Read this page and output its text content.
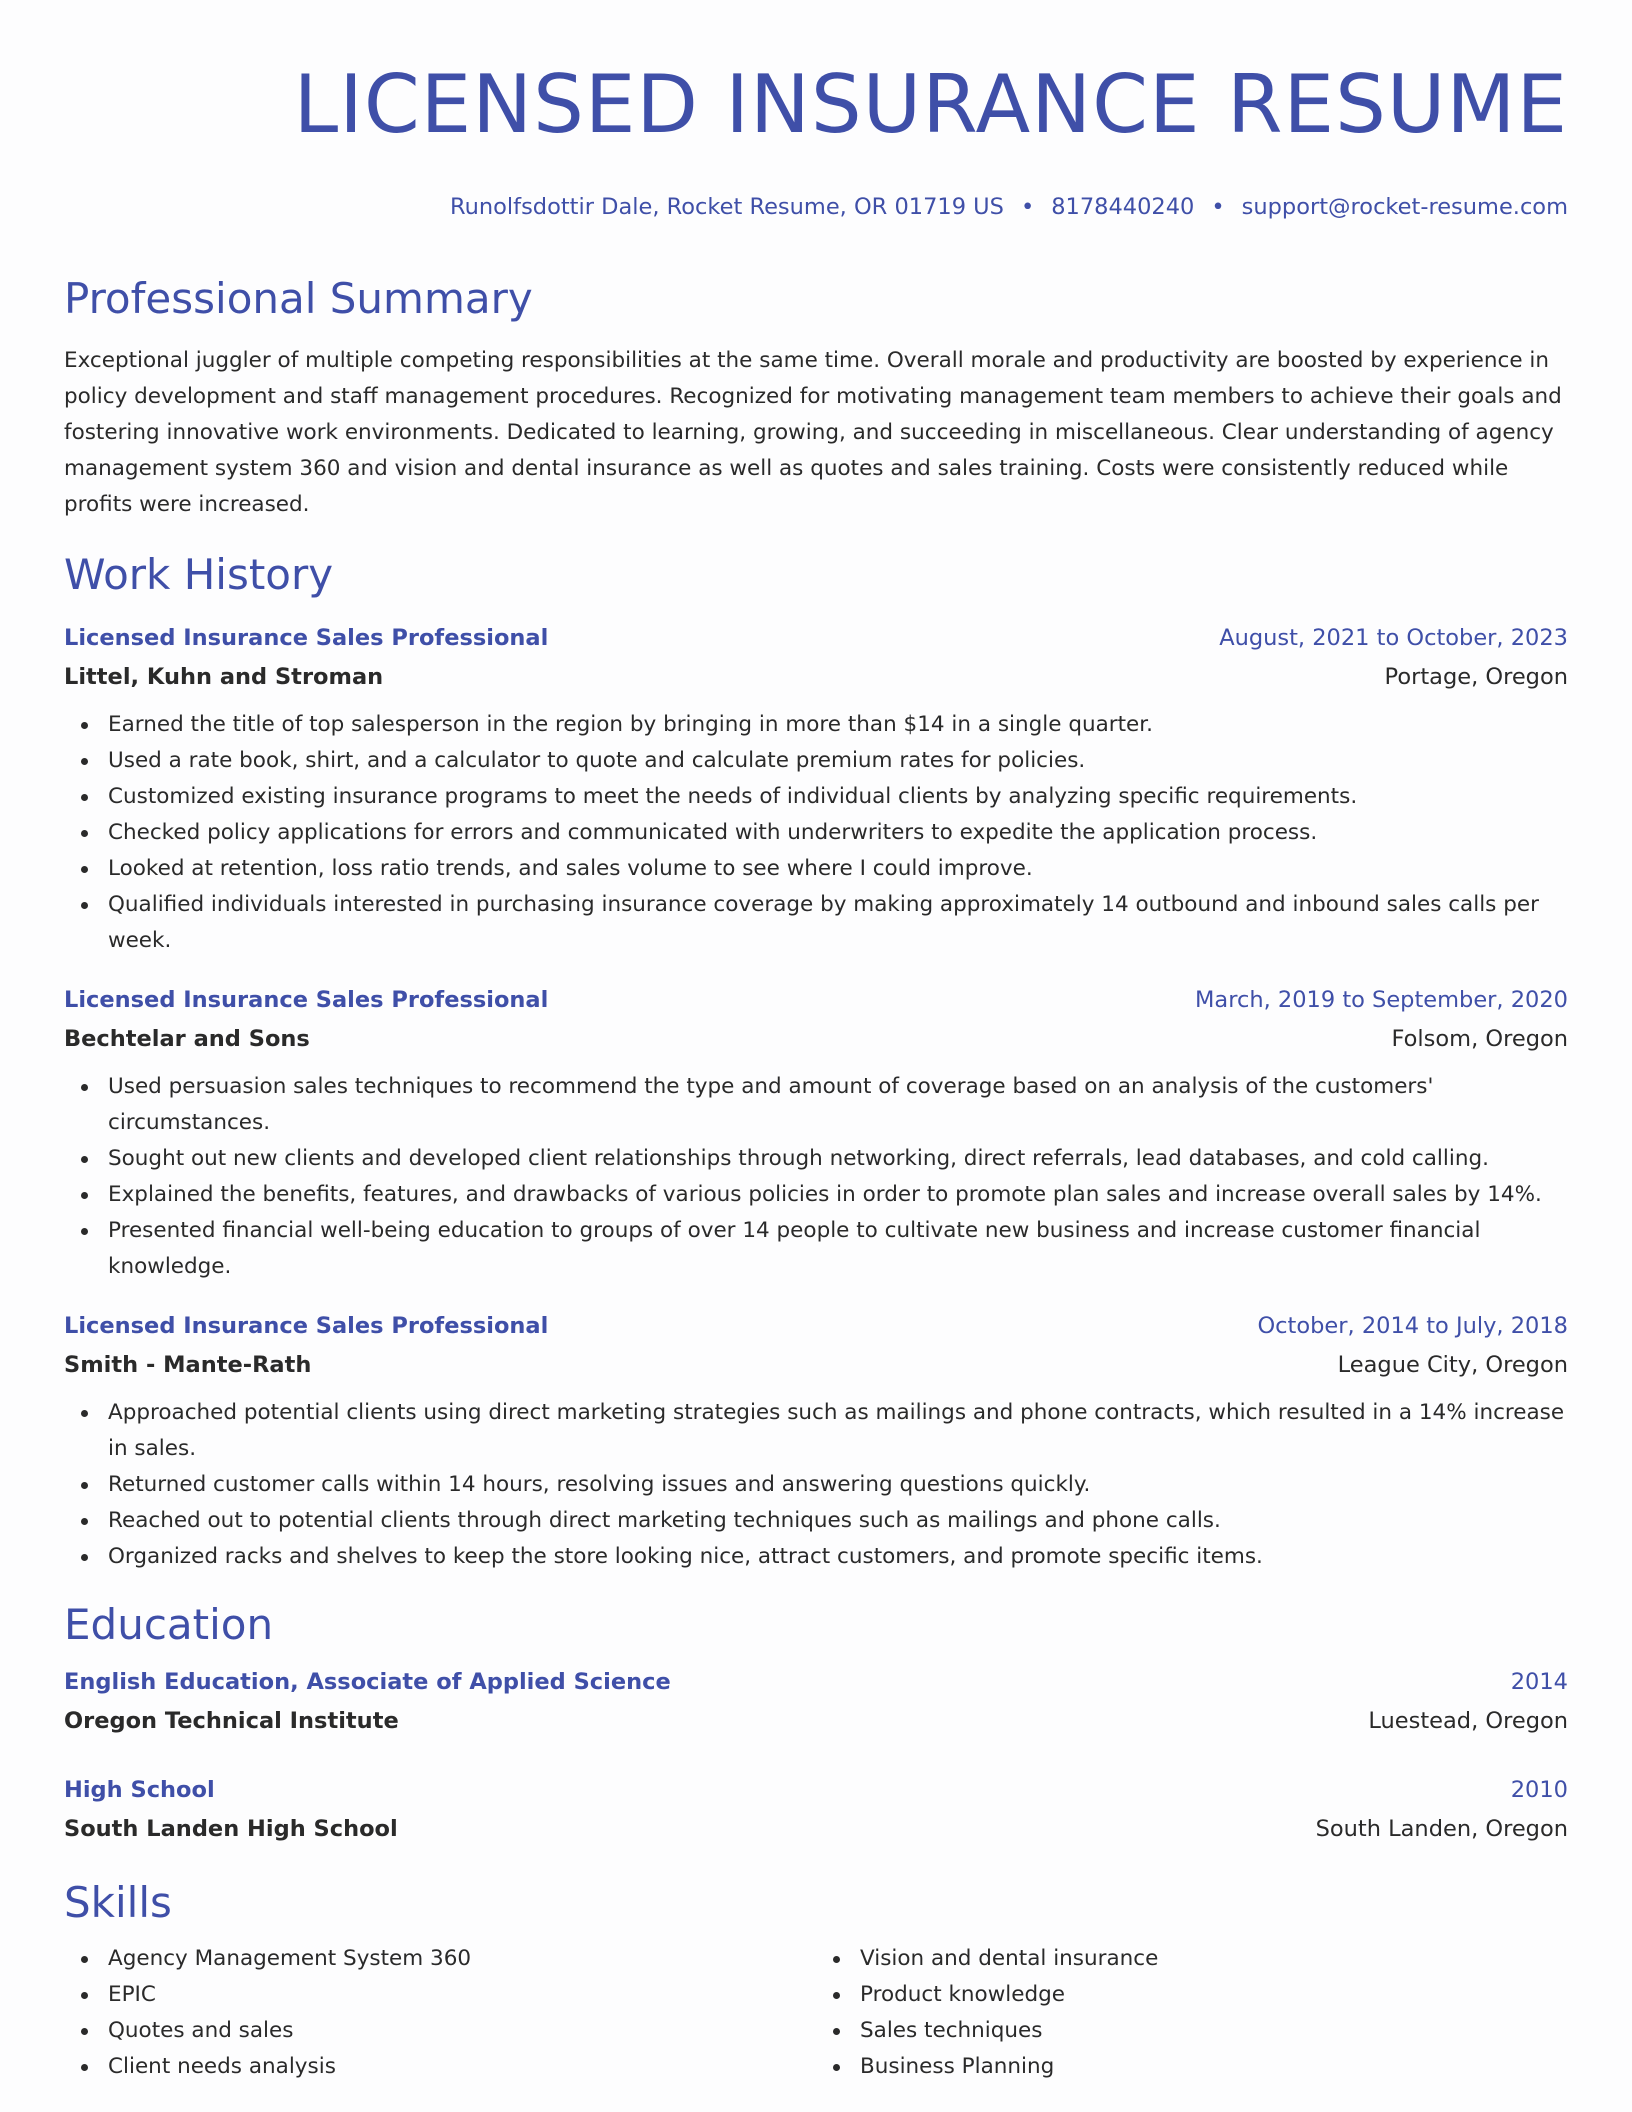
LICENSED INSURANCE RESUME
Runolfsdottir Dale, Rocket Resume, OR 01719 US • 8178440240 • support@rocket-resume.com
Professional Summary

Exceptional juggler of multiple competing responsibilities at the same time. Overall morale and productivity are boosted by experience in policy development and staff management procedures. Recognized for motivating management team members to achieve their goals and fostering innovative work environments. Dedicated to learning, growing, and succeeding in miscellaneous. Clear understanding of agency management system 360 and vision and dental insurance as well as quotes and sales training. Costs were consistently reduced while profits were increased.

Work History
Licensed Insurance Sales Professional	August, 2021 to October, 2023
Littel, Kuhn and Stroman	Portage, Oregon
Earned the title of top salesperson in the region by bringing in more than $14 in a single quarter.
Used a rate book, shirt, and a calculator to quote and calculate premium rates for policies.
Customized existing insurance programs to meet the needs of individual clients by analyzing specific requirements.
Checked policy applications for errors and communicated with underwriters to expedite the application process.
Looked at retention, loss ratio trends, and sales volume to see where I could improve.
Qualified individuals interested in purchasing insurance coverage by making approximately 14 outbound and inbound sales calls per week.
Licensed Insurance Sales Professional	March, 2019 to September, 2020
Bechtelar and Sons	Folsom, Oregon
Used persuasion sales techniques to recommend the type and amount of coverage based on an analysis of the customers' circumstances.
Sought out new clients and developed client relationships through networking, direct referrals, lead databases, and cold calling.
Explained the benefits, features, and drawbacks of various policies in order to promote plan sales and increase overall sales by 14%.
Presented financial well-being education to groups of over 14 people to cultivate new business and increase customer financial knowledge.
Licensed Insurance Sales Professional	October, 2014 to July, 2018
Smith - Mante-Rath	League City, Oregon
Approached potential clients using direct marketing strategies such as mailings and phone contracts, which resulted in a 14% increase in sales.
Returned customer calls within 14 hours, resolving issues and answering questions quickly.
Reached out to potential clients through direct marketing techniques such as mailings and phone calls.
Organized racks and shelves to keep the store looking nice, attract customers, and promote specific items.
Education
English Education, Associate of Applied Science	2014
Oregon Technical Institute	Luestead, Oregon
High School	2010
South Landen High School	South Landen, Oregon
Skills
Agency Management System 360
EPIC
Quotes and sales
Client needs analysis
Vision and dental insurance
Product knowledge
Sales techniques
Business Planning
